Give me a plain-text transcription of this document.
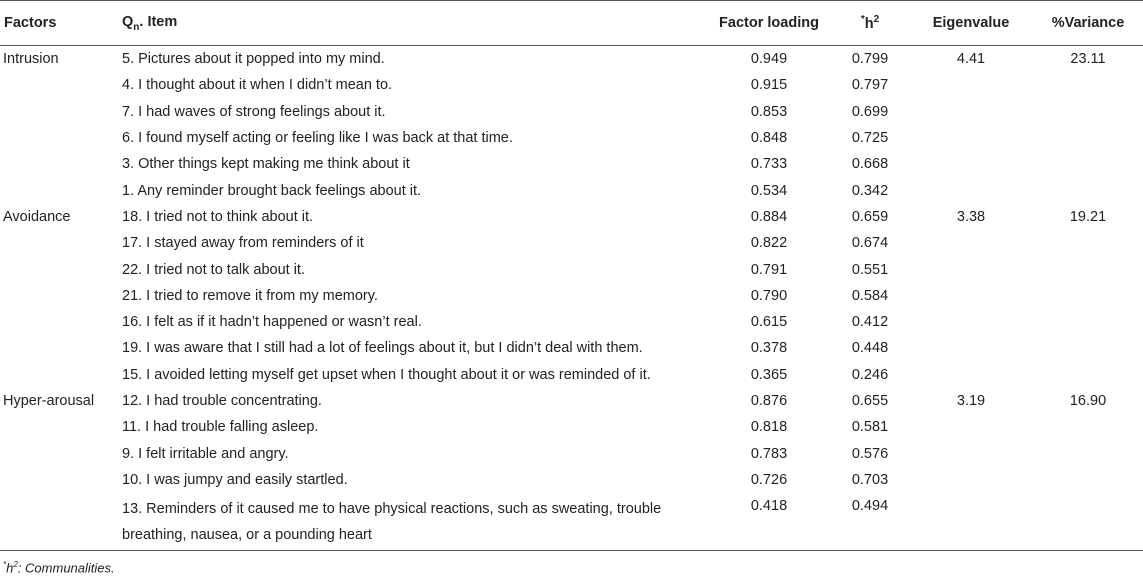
Factors	$Q_n$. Item	Factor loading	$^*h^2$	Eigenvalue	%Variance
Intrusion	5. Pictures about it popped into my mind.	0.949	0.799	4.41	23.11
	4. I thought about it when I didn’t mean to.	0.915	0.797		
	7. I had waves of strong feelings about it.	0.853	0.699		
	6. I found myself acting or feeling like I was back at that time.	0.848	0.725		
	3. Other things kept making me think about it	0.733	0.668		
	1. Any reminder brought back feelings about it.	0.534	0.342		
Avoidance	18. I tried not to think about it.	0.884	0.659	3.38	19.21
	17. I stayed away from reminders of it	0.822	0.674		
	22. I tried not to talk about it.	0.791	0.551		
	21. I tried to remove it from my memory.	0.790	0.584		
	16. I felt as if it hadn’t happened or wasn’t real.	0.615	0.412		
	19. I was aware that I still had a lot of feelings about it, but I didn’t deal with them.	0.378	0.448		
	15. I avoided letting myself get upset when I thought about it or was reminded of it.	0.365	0.246		
Hyper-arousal	12. I had trouble concentrating.	0.876	0.655	3.19	16.90
	11. I had trouble falling asleep.	0.818	0.581		
	9. I felt irritable and angry.	0.783	0.576		
	10. I was jumpy and easily startled.	0.726	0.703		
	13. Reminders of it caused me to have physical reactions, such as sweating, trouble breathing, nausea, or a pounding heart	0.418	0.494		
$^*h^2$: Communalities.
